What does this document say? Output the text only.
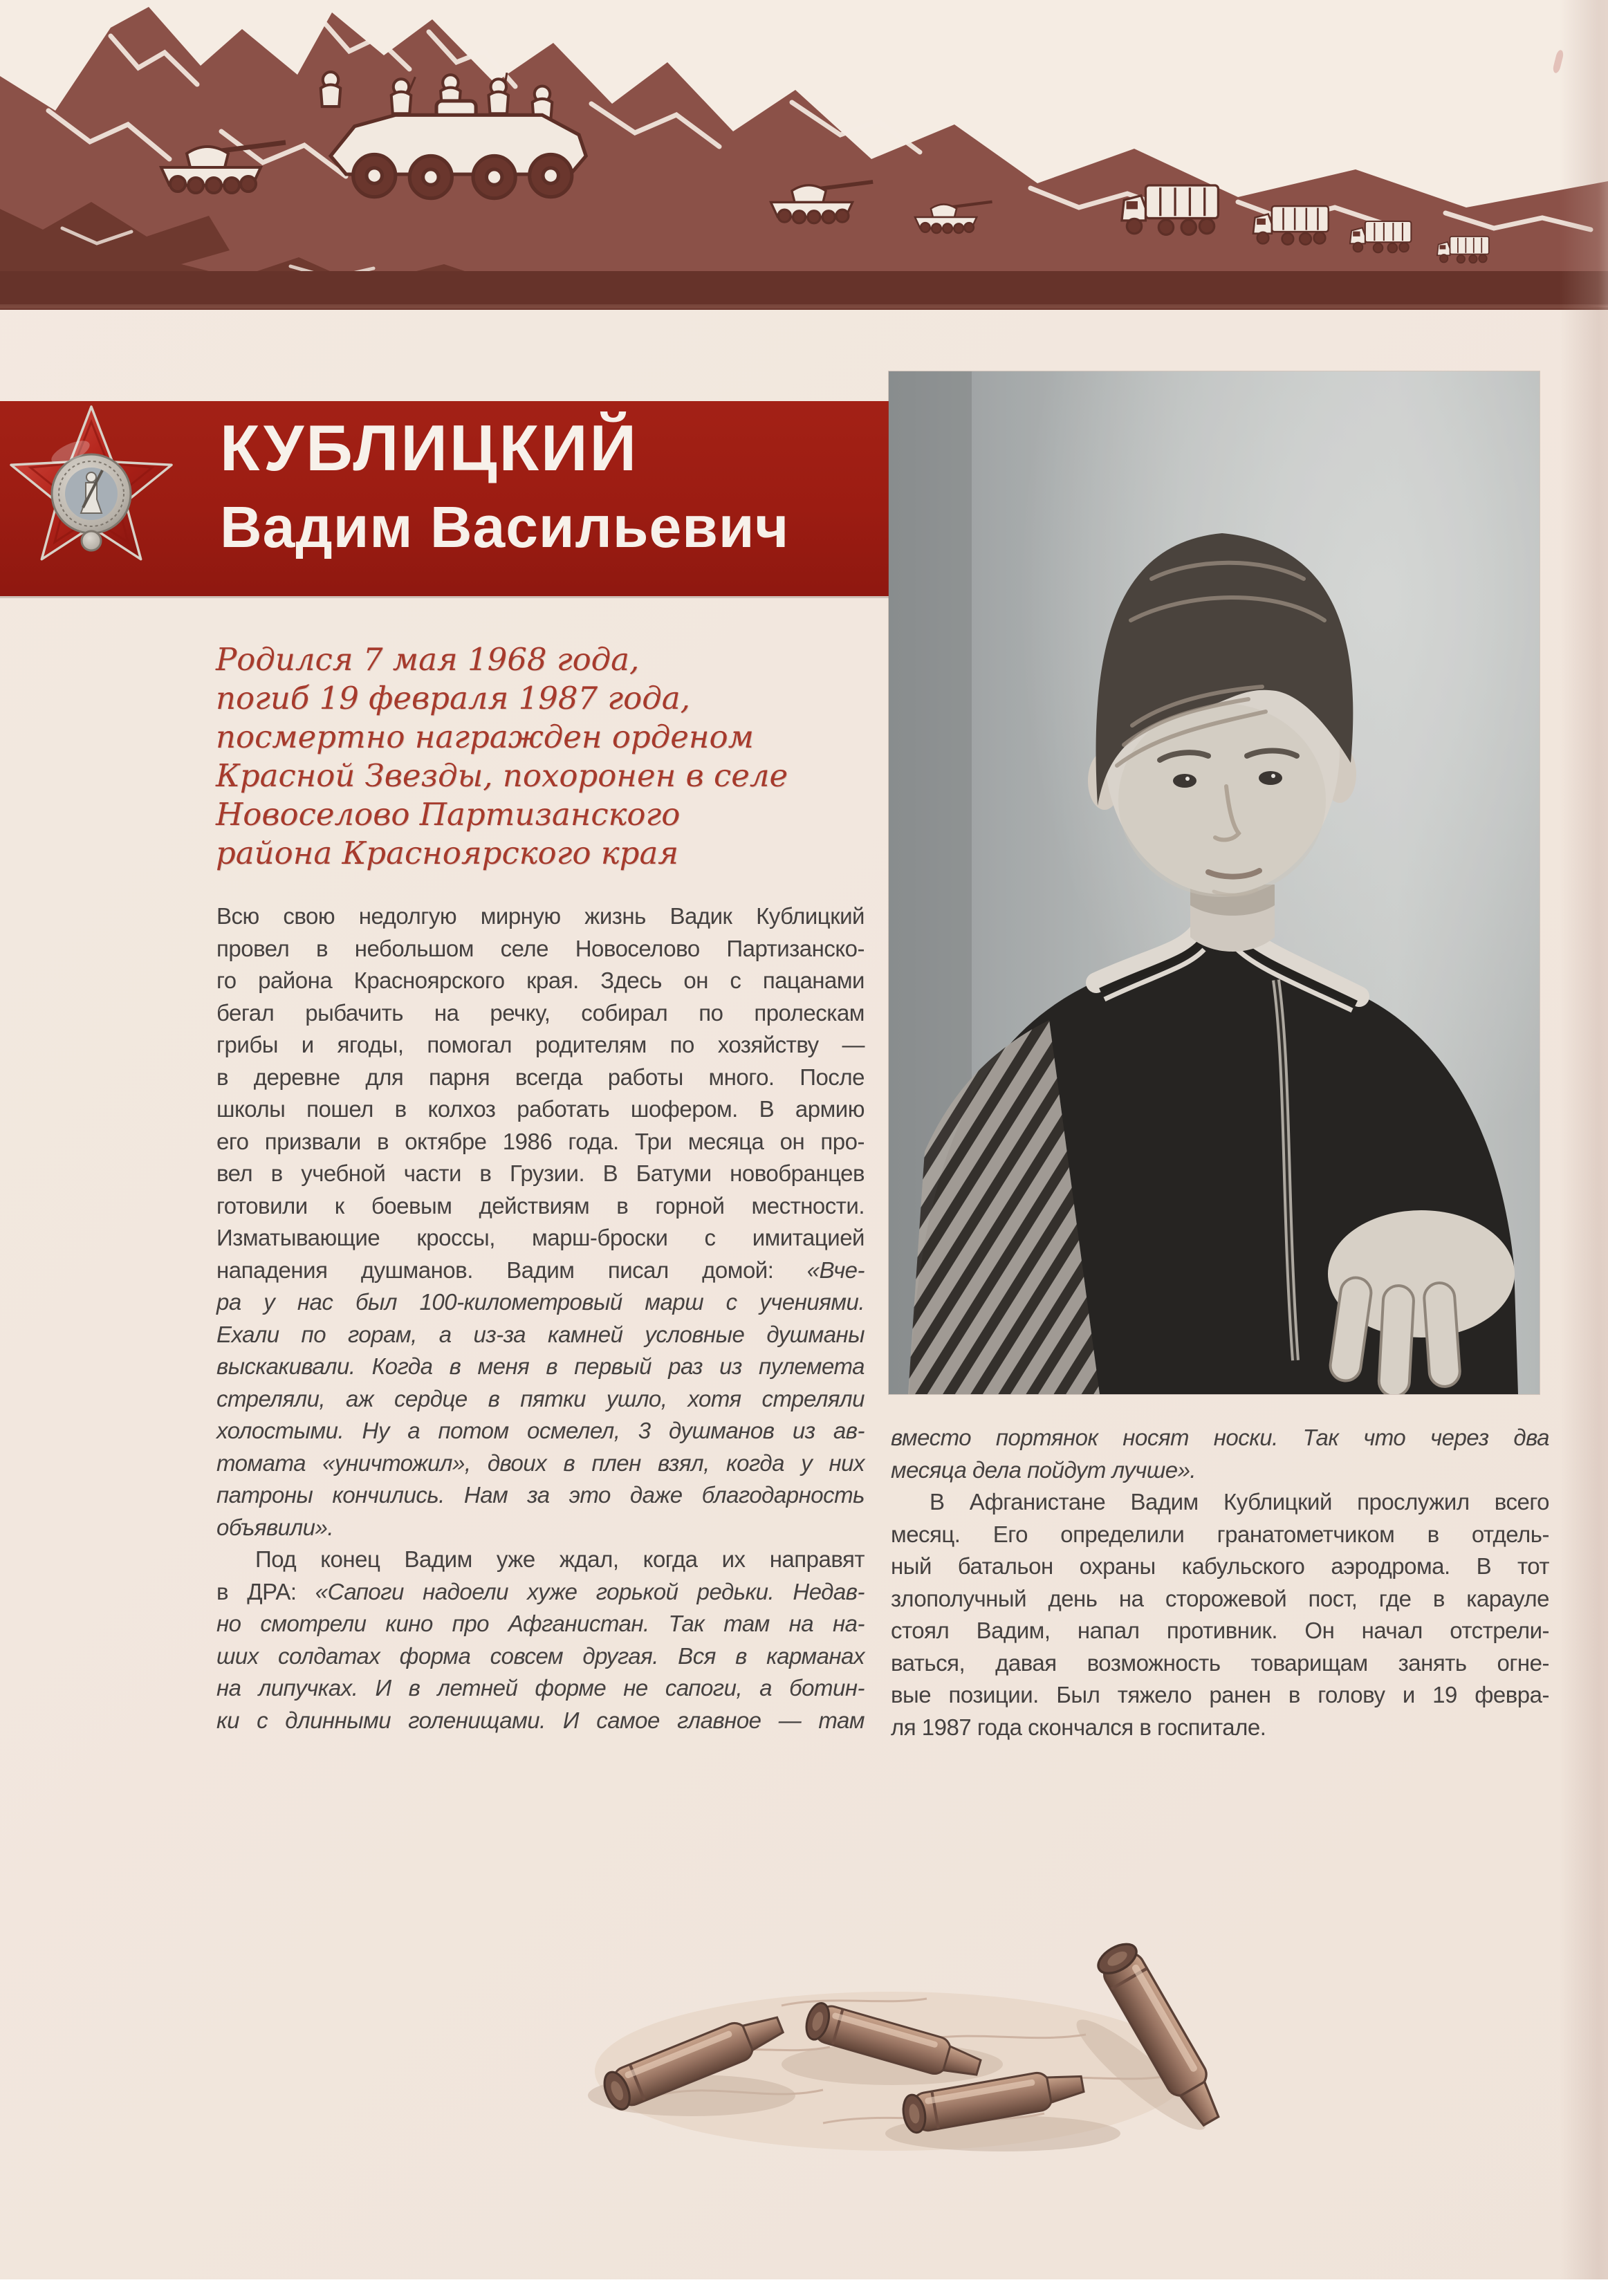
КУБЛИЦКИЙ
Вадим Васильевич
Родился 7 мая 1968 года,
погиб 19 февраля 1987 года,
посмертно награжден орденом
Красной Звезды, похоронен в селе
Новоселово Партизанского
района Красноярского края
Всю свою недолгую мирную жизнь Вадик Кублицкий
провел в небольшом селе Новоселово Партизанско-
го района Красноярского края. Здесь он с пацанами
бегал рыбачить на речку, собирал по пролескам
грибы и ягоды, помогал родителям по хозяйству —
в деревне для парня всегда работы много. После
школы пошел в колхоз работать шофером. В армию
его призвали в октябре 1986 года. Три месяца он про-
вел в учебной части в Грузии. В Батуми новобранцев
готовили к боевым действиям в горной местности.
Изматывающие кроссы, марш-броски с имитацией
нападения душманов. Вадим писал домой: «Вче-
ра у нас был 100-километровый марш с учениями.
Ехали по горам, а из-за камней условные душманы
выскакивали. Когда в меня в первый раз из пулемета
стреляли, аж сердце в пятки ушло, хотя стреляли
холостыми. Ну а потом осмелел, 3 душманов из ав-
томата «уничтожил», двоих в плен взял, когда у них
патроны кончились. Нам за это даже благодарность
объявили».
Под конец Вадим уже ждал, когда их направят
в ДРА: «Сапоги надоели хуже горькой редьки. Недав-
но смотрели кино про Афганистан. Так там на на-
ших солдатах форма совсем другая. Вся в карманах
на липучках. И в летней форме не сапоги, а ботин-
ки с длинными голенищами. И самое главное — там
вместо портянок носят носки. Так что через два
месяца дела пойдут лучше».
В Афганистане Вадим Кублицкий прослужил всего
месяц. Его определили гранатометчиком в отдель-
ный батальон охраны кабульского аэродрома. В тот
злополучный день на сторожевой пост, где в карауле
стоял Вадим, напал противник. Он начал отстрели-
ваться, давая возможность товарищам занять огне-
вые позиции. Был тяжело ранен в голову и 19 февра-
ля 1987 года скончался в госпитале.
